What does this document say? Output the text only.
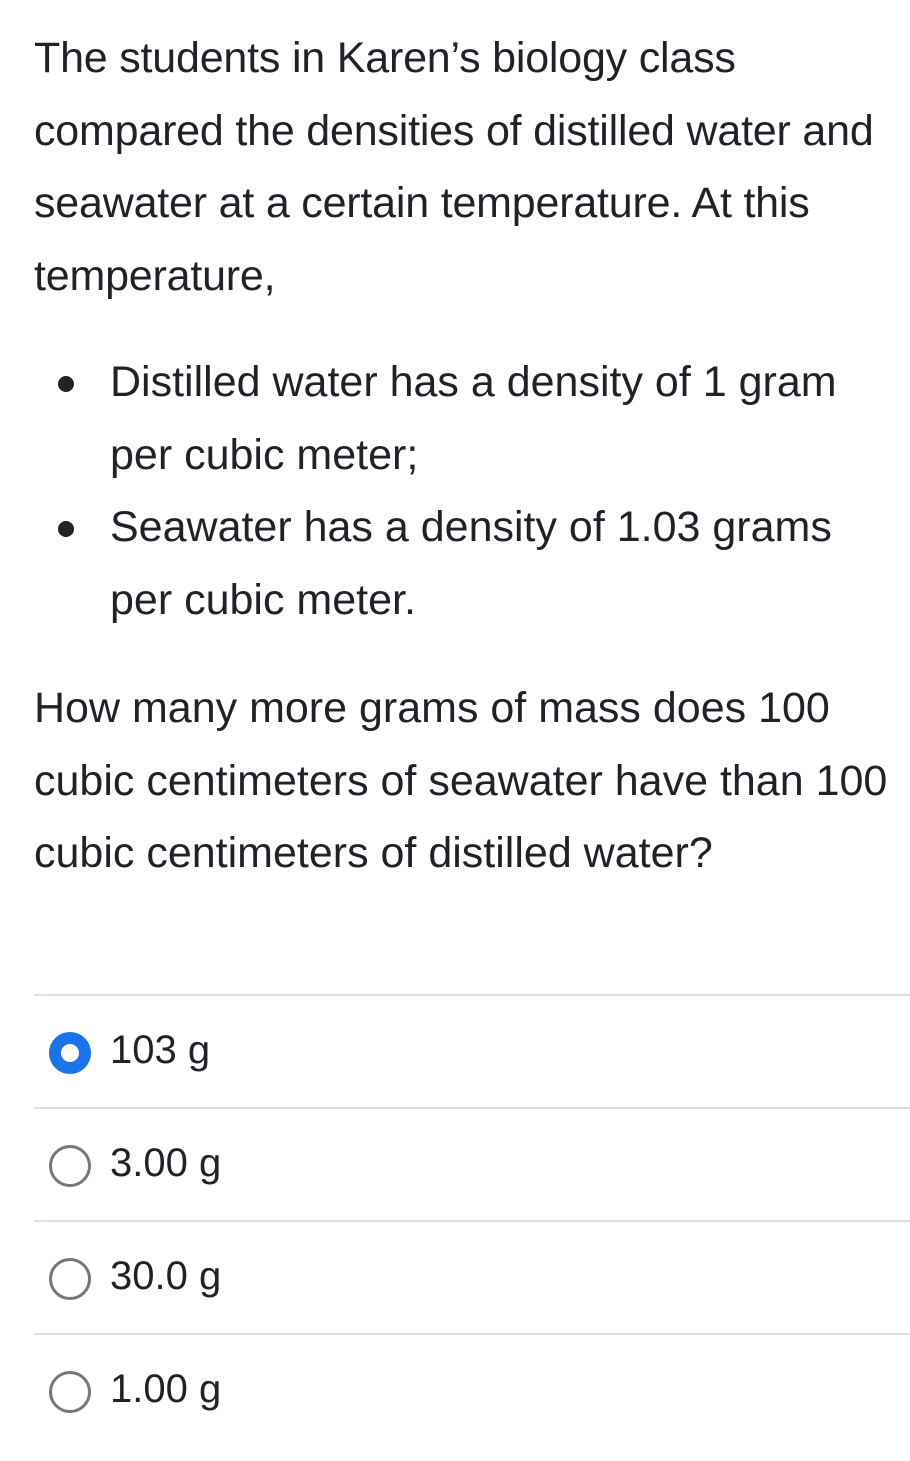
The students in Karen’s biology class compared the densities of distilled water and seawater at a certain temperature. At this temperature,

Distilled water has a density of 1 gram per cubic meter;
Seawater has a density of 1.03 grams per cubic meter.

How many more grams of mass does 100 cubic centimeters of seawater have than 100 cubic centimeters of distilled water?

103 g
3.00 g
30.0 g
1.00 g
